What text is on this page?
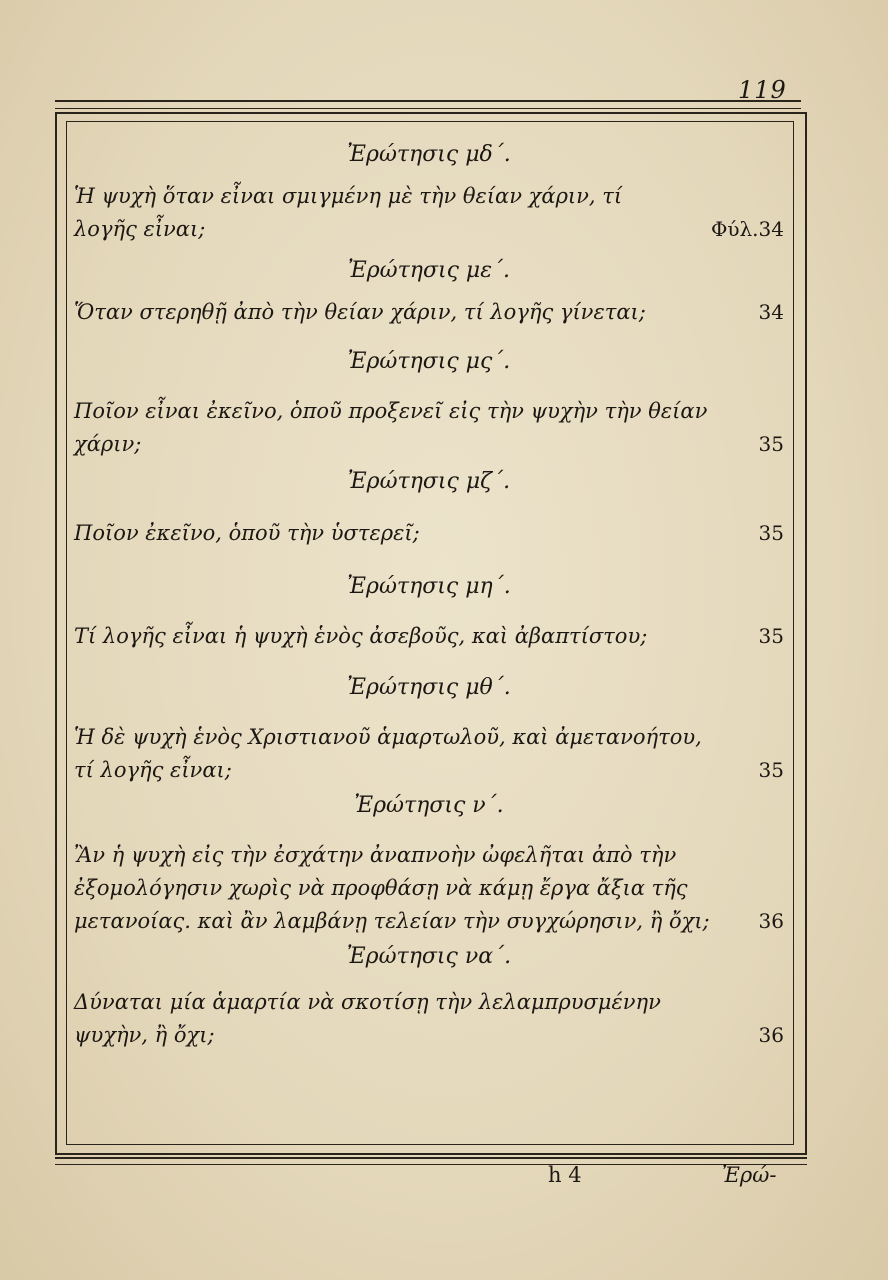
119
Ἐρώτησις μδ΄.
Ἡ ψυχὴ ὅταν εἶναι σμιγμένη μὲ τὴν θείαν χάριν, τί λογῆς εἶναι;	Φύλ.34
Ἐρώτησις με΄.
Ὅταν στερηθῇ ἀπὸ τὴν θείαν χάριν, τί λογῆς γίνεται;	34
Ἐρώτησις μς΄.
Ποῖον εἶναι ἐκεῖνο, ὁποῦ προξενεῖ εἰς τὴν ψυχὴν τὴν θείαν χάριν;	35
Ἐρώτησις μζ΄.
Ποῖον ἐκεῖνο, ὁποῦ τὴν ὑστερεῖ;	35
Ἐρώτησις μη΄.
Τί λογῆς εἶναι ἡ ψυχὴ ἑνὸς ἀσεβοῦς, καὶ ἀβαπτίστου;	35
Ἐρώτησις μθ΄.
Ἡ δὲ ψυχὴ ἑνὸς Χριστιανοῦ ἁμαρτωλοῦ, καὶ ἀμετανοήτου, τί λογῆς εἶναι;	35
Ἐρώτησις ν΄.
Ἂν ἡ ψυχὴ εἰς τὴν ἐσχάτην ἀναπνοὴν ὠφελῆται ἀπὸ τὴν ἐξομολόγησιν χωρὶς νὰ προφθάσῃ νὰ κάμῃ ἔργα ἄξια τῆς μετανοίας. καὶ ἂν λαμβάνῃ τελείαν τὴν συγχώρησιν, ἢ ὄχι;	36
Ἐρώτησις να΄.
Δύναται μία ἁμαρτία νὰ σκοτίσῃ τὴν λελαμπρυσμένην ψυχὴν, ἢ ὄχι;	36
h 4	Ἐρώ-
